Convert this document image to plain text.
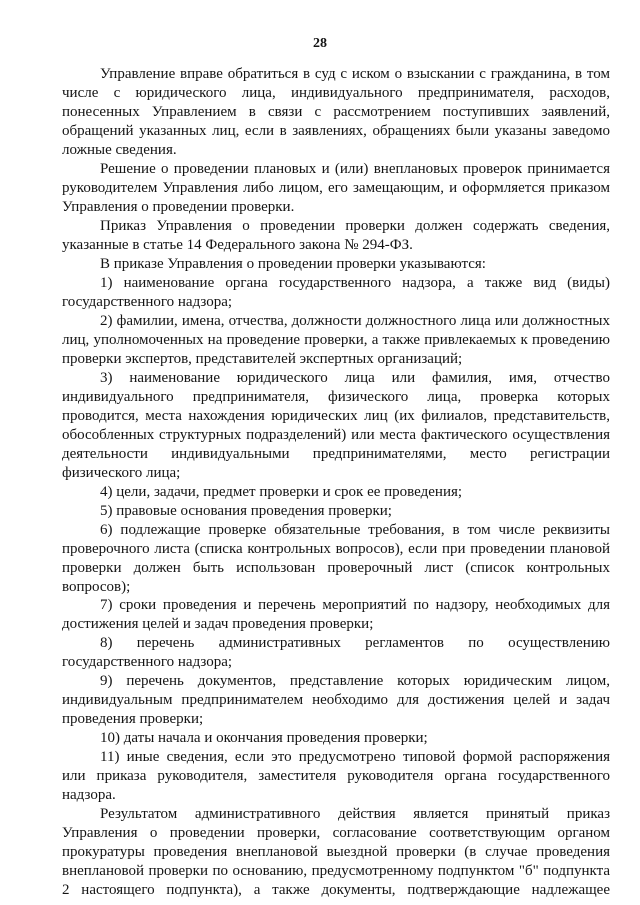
28
Управление вправе обратиться в суд с иском о взыскании с гражданина, в том
числе с юридического лица, индивидуального предпринимателя, расходов,
понесенных Управлением в связи с рассмотрением поступивших заявлений,
обращений указанных лиц, если в заявлениях, обращениях были указаны заведомо
ложные сведения.
Решение о проведении плановых и (или) внеплановых проверок принимается
руководителем Управления либо лицом, его замещающим, и оформляется приказом
Управления о проведении проверки.
Приказ Управления о проведении проверки должен содержать сведения,
указанные в статье 14 Федерального закона № 294-ФЗ.
В приказе Управления о проведении проверки указываются:
1) наименование органа государственного надзора, а также вид (виды)
государственного надзора;
2) фамилии, имена, отчества, должности должностного лица или должностных
лиц, уполномоченных на проведение проверки, а также привлекаемых к проведению
проверки экспертов, представителей экспертных организаций;
3) наименование юридического лица или фамилия, имя, отчество
индивидуального предпринимателя, физического лица, проверка которых
проводится, места нахождения юридических лиц (их филиалов, представительств,
обособленных структурных подразделений) или места фактического осуществления
деятельности индивидуальными предпринимателями, место регистрации
физического лица;
4) цели, задачи, предмет проверки и срок ее проведения;
5) правовые основания проведения проверки;
6) подлежащие проверке обязательные требования, в том числе реквизиты
проверочного листа (списка контрольных вопросов), если при проведении плановой
проверки должен быть использован проверочный лист (список контрольных
вопросов);
7) сроки проведения и перечень мероприятий по надзору, необходимых для
достижения целей и задач проведения проверки;
8) перечень административных регламентов по осуществлению
государственного надзора;
9) перечень документов, представление которых юридическим лицом,
индивидуальным предпринимателем необходимо для достижения целей и задач
проведения проверки;
10) даты начала и окончания проведения проверки;
11) иные сведения, если это предусмотрено типовой формой распоряжения
или приказа руководителя, заместителя руководителя органа государственного
надзора.
Результатом административного действия является принятый приказ
Управления о проведении проверки, согласование соответствующим органом
прокуратуры проведения внеплановой выездной проверки (в случае проведения
внеплановой проверки по основанию, предусмотренному подпунктом "б" подпункта
2 настоящего подпункта), а также документы, подтверждающие надлежащее
